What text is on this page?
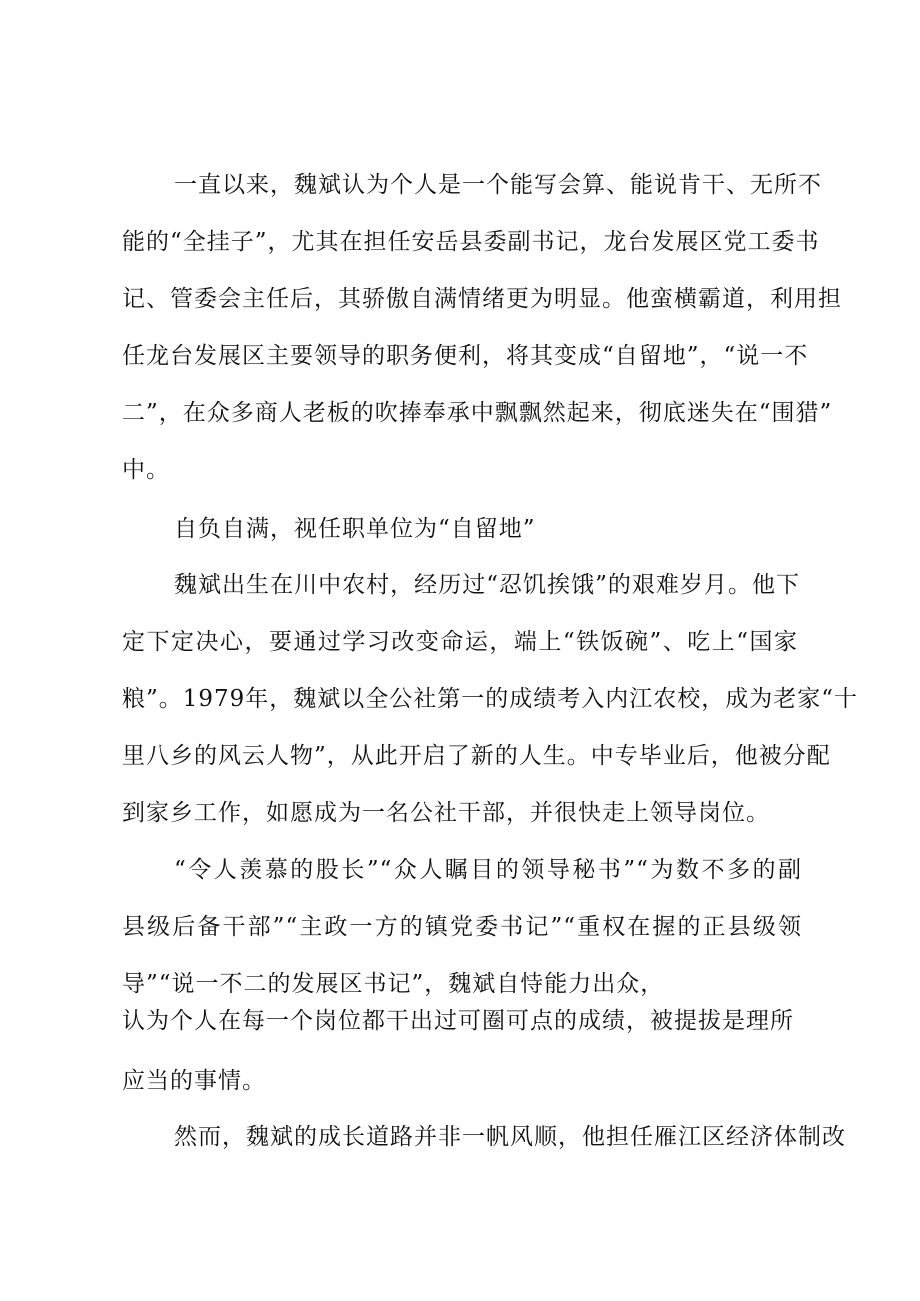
一直以来，魏斌认为个人是一个能写会算、能说肯干、无所不
能的“全挂子”，尤其在担任安岳县委副书记，龙台发展区党工委书
记、管委会主任后，其骄傲自满情绪更为明显。他蛮横霸道，利用担
任龙台发展区主要领导的职务便利，将其变成“自留地”，“说一不
二”，在众多商人老板的吹捧奉承中飘飘然起来，彻底迷失在“围猎”
中。
自负自满，视任职单位为“自留地”
魏斌出生在川中农村，经历过“忍饥挨饿”的艰难岁月。他下
定下定决心，要通过学习改变命运，端上“铁饭碗”、吃上“国家
粮”。1979年，魏斌以全公社第一的成绩考入内江农校，成为老家“十
里八乡的风云人物”，从此开启了新的人生。中专毕业后，他被分配
到家乡工作，如愿成为一名公社干部，并很快走上领导岗位。
“令人羡慕的股长”“众人瞩目的领导秘书”“为数不多的副
县级后备干部”“主政一方的镇党委书记”“重权在握的正县级领
导”“说一不二的发展区书记”，魏斌自恃能力出众，
认为个人在每一个岗位都干出过可圈可点的成绩，被提拔是理所
应当的事情。
然而，魏斌的成长道路并非一帆风顺，他担任雁江区经济体制改
